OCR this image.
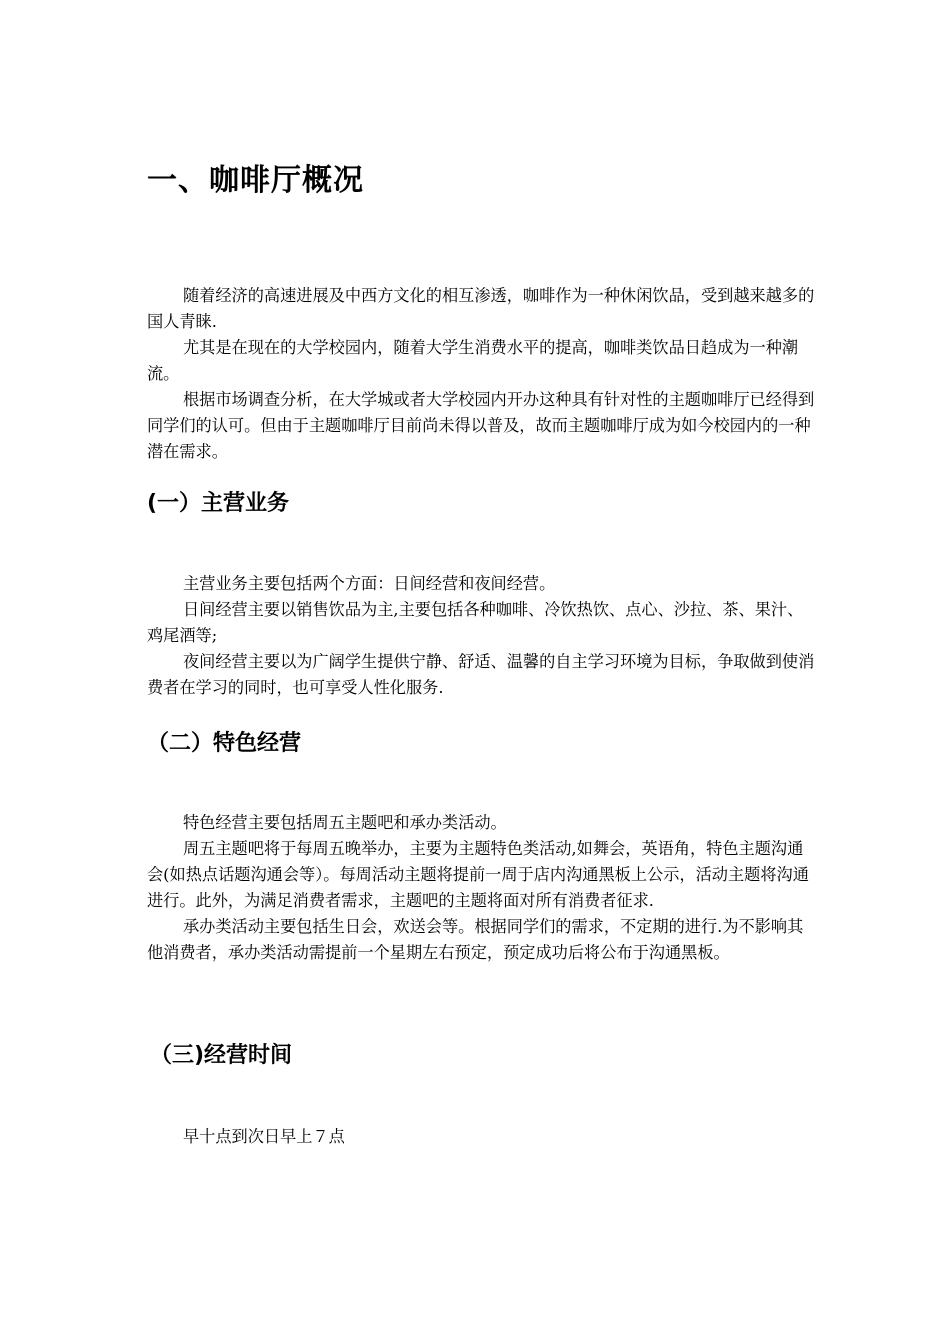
一、咖啡厅概况

随着经济的高速进展及中西方文化的相互渗透，咖啡作为一种休闲饮品，受到越来越多的国人青睐.

尤其是在现在的大学校园内，随着大学生消费水平的提高，咖啡类饮品日趋成为一种潮流。

根据市场调查分析，在大学城或者大学校园内开办这种具有针对性的主题咖啡厅已经得到同学们的认可。但由于主题咖啡厅目前尚未得以普及，故而主题咖啡厅成为如今校园内的一种潜在需求。

(一）主营业务

主营业务主要包括两个方面：日间经营和夜间经营。

日间经营主要以销售饮品为主,主要包括各种咖啡、冷饮热饮、点心、沙拉、茶、果汁、鸡尾酒等;

夜间经营主要以为广阔学生提供宁静、舒适、温馨的自主学习环境为目标，争取做到使消费者在学习的同时，也可享受人性化服务.

（二）特色经营

特色经营主要包括周五主题吧和承办类活动。

周五主题吧将于每周五晚举办，主要为主题特色类活动,如舞会，英语角，特色主题沟通会(如热点话题沟通会等）。每周活动主题将提前一周于店内沟通黑板上公示，活动主题将沟通进行。此外，为满足消费者需求，主题吧的主题将面对所有消费者征求.

承办类活动主要包括生日会，欢送会等。根据同学们的需求，不定期的进行.为不影响其他消费者，承办类活动需提前一个星期左右预定，预定成功后将公布于沟通黑板。

（三)经营时间

早十点到次日早上７点
